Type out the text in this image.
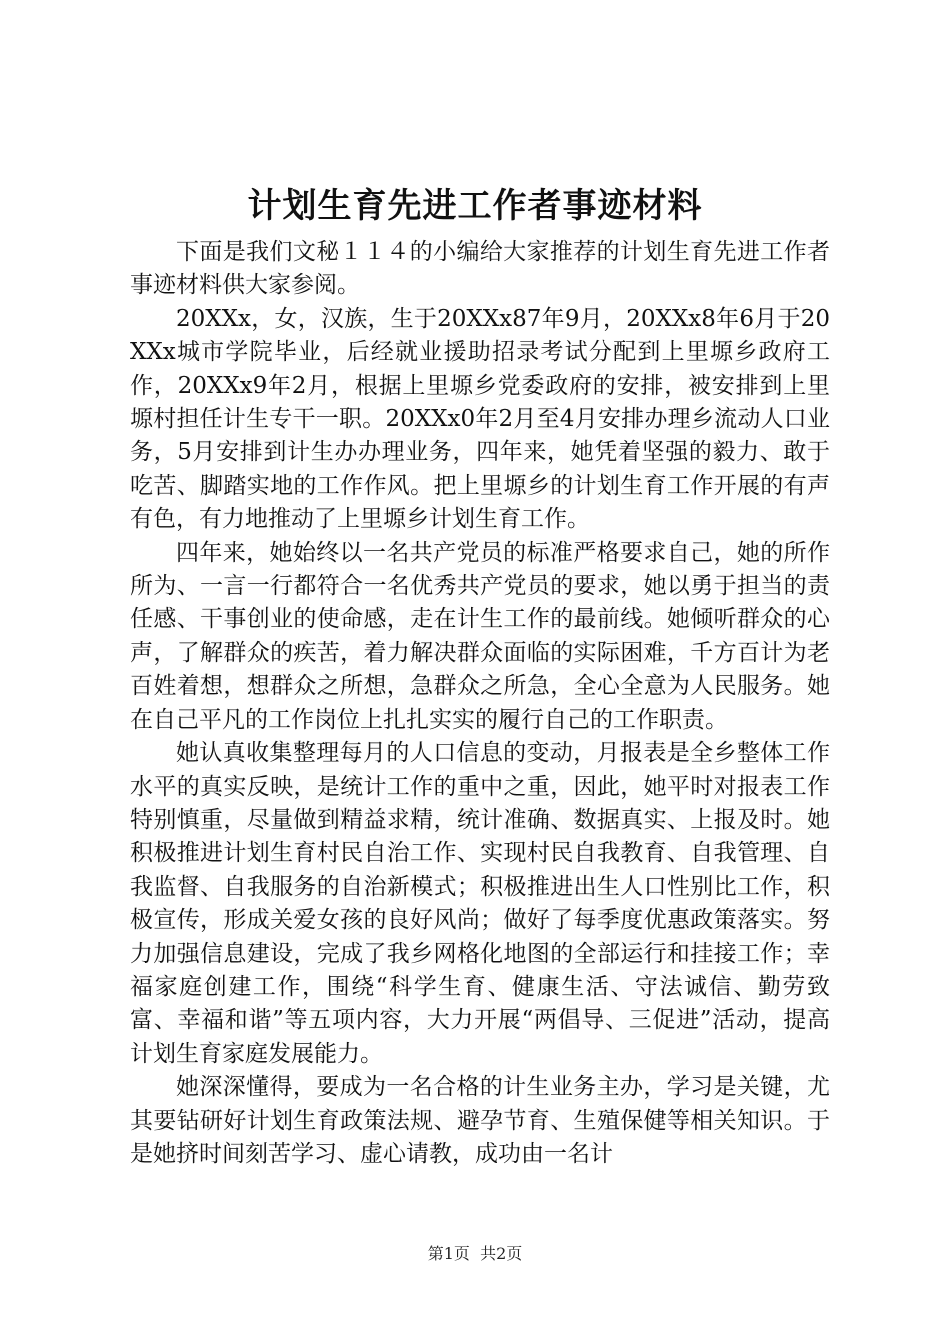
计划生育先进工作者事迹材料

下面是我们文秘１１４的小编给大家推荐的计划生育先进工作者事迹材料供大家参阅。

20XXx，女，汉族，生于20XXx87年9月，20XXx8年6月于20XXx城市学院毕业，后经就业援助招录考试分配到上里塬乡政府工作，20XXx9年2月，根据上里塬乡党委政府的安排，被安排到上里塬村担任计生专干一职。20XXx0年2月至4月安排办理乡流动人口业务，5月安排到计生办办理业务，四年来，她凭着坚强的毅力、敢于吃苦、脚踏实地的工作作风。把上里塬乡的计划生育工作开展的有声有色，有力地推动了上里塬乡计划生育工作。

四年来，她始终以一名共产党员的标准严格要求自己，她的所作所为、一言一行都符合一名优秀共产党员的要求，她以勇于担当的责任感、干事创业的使命感，走在计生工作的最前线。她倾听群众的心声，了解群众的疾苦，着力解决群众面临的实际困难，千方百计为老百姓着想，想群众之所想，急群众之所急，全心全意为人民服务。她在自己平凡的工作岗位上扎扎实实的履行自己的工作职责。

她认真收集整理每月的人口信息的变动，月报表是全乡整体工作水平的真实反映，是统计工作的重中之重，因此，她平时对报表工作特别慎重，尽量做到精益求精，统计准确、数据真实、上报及时。她积极推进计划生育村民自治工作、实现村民自我教育、自我管理、自我监督、自我服务的自治新模式；积极推进出生人口性别比工作，积极宣传，形成关爱女孩的良好风尚；做好了每季度优惠政策落实。努力加强信息建设，完成了我乡网格化地图的全部运行和挂接工作；幸福家庭创建工作，围绕“科学生育、健康生活、守法诚信、勤劳致富、幸福和谐”等五项内容，大力开展“两倡导、三促进”活动，提高计划生育家庭发展能力。

她深深懂得，要成为一名合格的计生业务主办，学习是关键，尤其要钻研好计划生育政策法规、避孕节育、生殖保健等相关知识。于是她挤时间刻苦学习、虚心请教，成功由一名计

第1页 共2页
